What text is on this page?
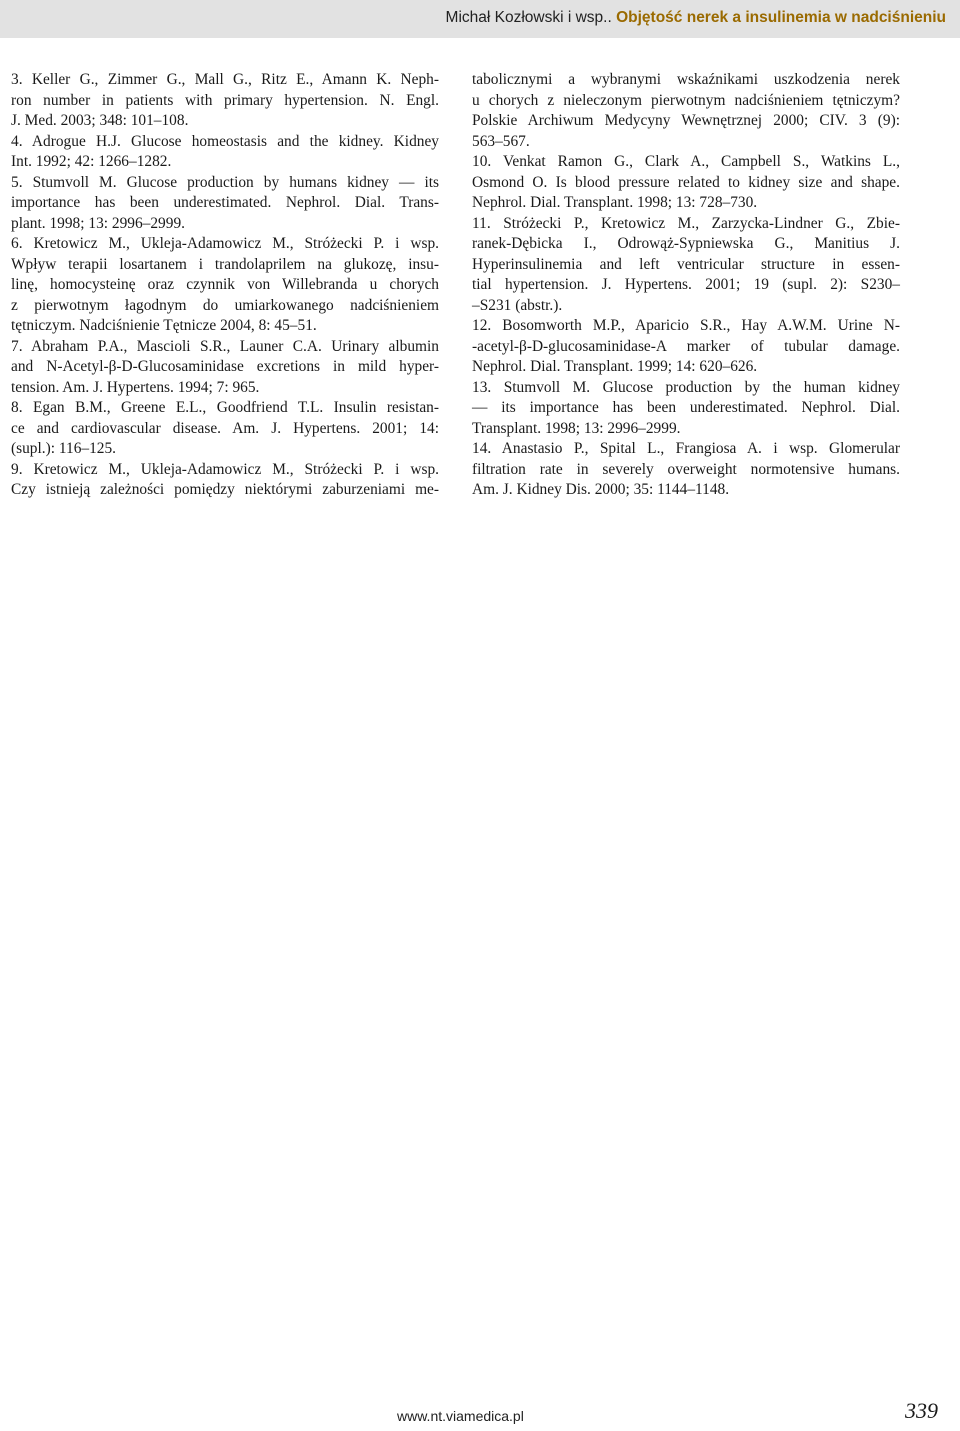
Michał Kozłowski i wsp.. Objętość nerek a insulinemia w nadciśnieniu
3. Keller G., Zimmer G., Mall G., Ritz E., Amann K. Neph-
ron number in patients with primary hypertension. N. Engl.
J. Med. 2003; 348: 101–108.
4. Adrogue H.J. Glucose homeostasis and the kidney. Kidney
Int. 1992; 42: 1266–1282.
5. Stumvoll M. Glucose production by humans kidney — its
importance has been underestimated. Nephrol. Dial. Trans-
plant. 1998; 13: 2996–2999.
6. Kretowicz M., Ukleja-Adamowicz M., Stróżecki P. i wsp.
Wpływ terapii losartanem i trandolaprilem na glukozę, insu-
linę, homocysteinę oraz czynnik von Willebranda u chorych
z pierwotnym łagodnym do umiarkowanego nadciśnieniem
tętniczym. Nadciśnienie Tętnicze 2004, 8: 45–51.
7. Abraham P.A., Mascioli S.R., Launer C.A. Urinary albumin
and N-Acetyl-β-D-Glucosaminidase excretions in mild hyper-
tension. Am. J. Hypertens. 1994; 7: 965.
8. Egan B.M., Greene E.L., Goodfriend T.L. Insulin resistan-
ce and cardiovascular disease. Am. J. Hypertens. 2001; 14:
(supl.): 116–125.
9. Kretowicz M., Ukleja-Adamowicz M., Stróżecki P. i wsp.
Czy istnieją zależności pomiędzy niektórymi zaburzeniami me-
tabolicznymi a wybranymi wskaźnikami uszkodzenia nerek
u chorych z nieleczonym pierwotnym nadciśnieniem tętniczym?
Polskie Archiwum Medycyny Wewnętrznej 2000; CIV. 3 (9):
563–567.
10. Venkat Ramon G., Clark A., Campbell S., Watkins L.,
Osmond O. Is blood pressure related to kidney size and shape.
Nephrol. Dial. Transplant. 1998; 13: 728–730.
11. Stróżecki P., Kretowicz M., Zarzycka-Lindner G., Zbie-
ranek-Dębicka I., Odrowąż-Sypniewska G., Manitius J.
Hyperinsulinemia and left ventricular structure in essen-
tial hypertension. J. Hypertens. 2001; 19 (supl. 2): S230–
–S231 (abstr.).
12. Bosomworth M.P., Aparicio S.R., Hay A.W.M. Urine N-
-acetyl-β-D-glucosaminidase-A marker of tubular damage.
Nephrol. Dial. Transplant. 1999; 14: 620–626.
13. Stumvoll M. Glucose production by the human kidney
— its importance has been underestimated. Nephrol. Dial.
Transplant. 1998; 13: 2996–2999.
14. Anastasio P., Spital L., Frangiosa A. i wsp. Glomerular
filtration rate in severely overweight normotensive humans.
Am. J. Kidney Dis. 2000; 35: 1144–1148.
www.nt.viamedica.pl	339
